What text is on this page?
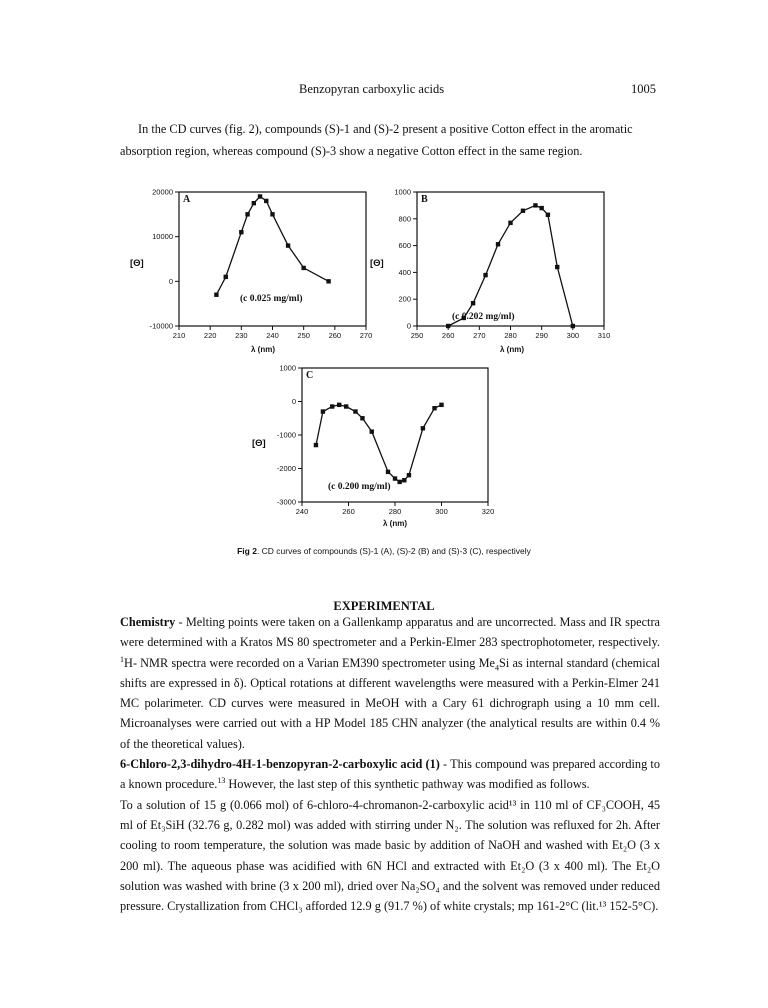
Benzopyran carboxylic acids	1005

In the CD curves (fig. 2), compounds (S)-1 and (S)-2 present a positive Cotton effect in the aromatic absorption region, whereas compound (S)-3 show a negative Cotton effect in the same region.

210 220 230 240 250 260 270
-10000
0
10000
20000
A
(c 0.025 mg/ml)
[Θ]
λ (nm)
250 260 270 280 290 300 310
0
200
400
600
800
1000
B
(c 0.202 mg/ml)
[Θ]
λ (nm)
240	260	280	300	320
-3000
-2000
-1000
0
1000
C
(c 0.200 mg/ml)
[Θ]
λ (nm)
Fig 2. CD curves of compounds (S)-1 (A), (S)-2 (B) and (S)-3 (C), respectively
EXPERIMENTAL

Chemistry - Melting points were taken on a Gallenkamp apparatus and are uncorrected. Mass and IR spectra were determined with a Kratos MS 80 spectrometer and a Perkin-Elmer 283 spectrophotometer, respectively. $^1$H- NMR spectra were recorded on a Varian EM390 spectrometer using $Me_4Si$ as internal standard (chemical shifts are expressed in δ). Optical rotations at different wavelengths were measured with a Perkin-Elmer 241 MC polarimeter. CD curves were measured in MeOH with a Cary 61 dichrograph using a 10 mm cell. Microanalyses were carried out with a HP Model 185 CHN analyzer (the analytical results are within 0.4 % of the theoretical values).

6-Chloro-2,3-dihydro-4H-1-benzopyran-2-carboxylic acid (1) - This compound was prepared according to a known procedure.$^{13}$ However, the last step of this synthetic pathway was modified as follows.

To a solution of 15 g (0.066 mol) of 6-chloro-4-chromanon-2-carboxylic acid¹³ in 110 ml of CF₃COOH, 45 ml of Et₃SiH (32.76 g, 0.282 mol) was added with stirring under N₂. The solution was refluxed for 2h. After cooling to room temperature, the solution was made basic by addition of NaOH and washed with Et₂O (3 x 200 ml). The aqueous phase was acidified with 6N HCl and extracted with Et₂O (3 x 400 ml). The Et₂O solution was washed with brine (3 x 200 ml), dried over Na₂SO₄ and the solvent was removed under reduced pressure. Crystallization from CHCl₃ afforded 12.9 g (91.7 %) of white crystals; mp 161-2°C (lit.¹³ 152-5°C).
